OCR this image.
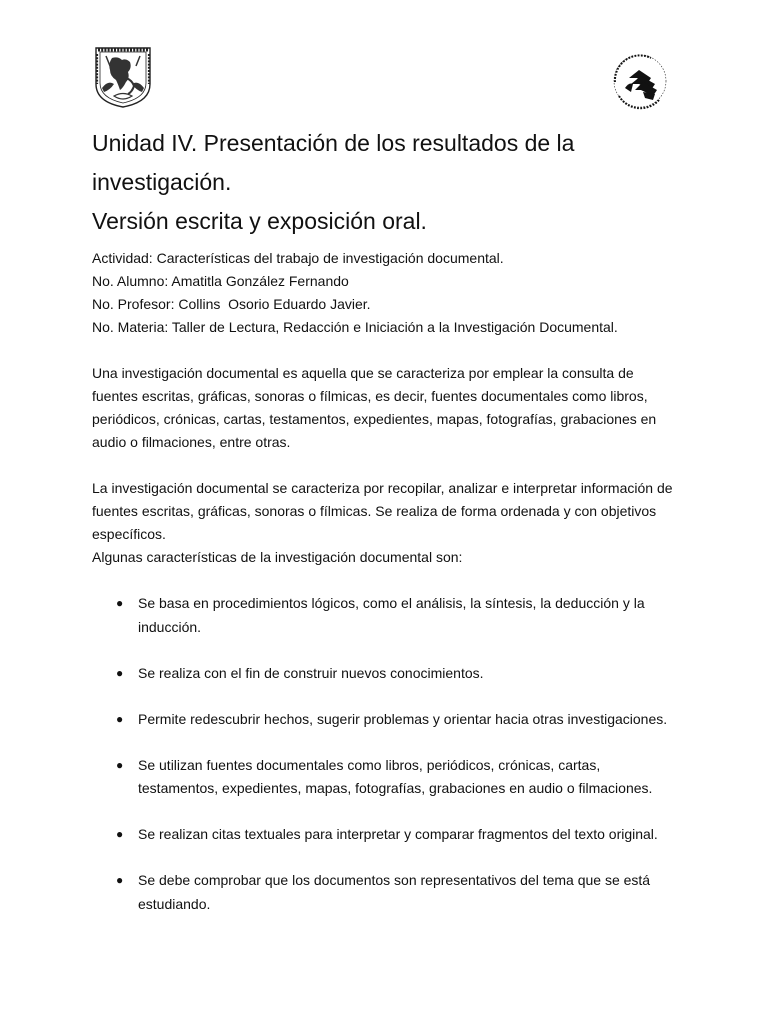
Unidad IV. Presentación de los resultados de la
investigación.
Versión escrita y exposición oral.
Actividad: Características del trabajo de investigación documental.
No. Alumno: Amatitla González Fernando
No. Profesor: Collins  Osorio Eduardo Javier.
No. Materia: Taller de Lectura, Redacción e Iniciación a la Investigación Documental.

Una investigación documental es aquella que se caracteriza por emplear la consulta de fuentes escritas, gráficas, sonoras o fílmicas, es decir, fuentes documentales como libros, periódicos, crónicas, cartas, testamentos, expedientes, mapas, fotografías, grabaciones en audio o filmaciones, entre otras.

La investigación documental se caracteriza por recopilar, analizar e interpretar información de fuentes escritas, gráficas, sonoras o fílmicas. Se realiza de forma ordenada y con objetivos específicos.

Algunas características de la investigación documental son:

● Se basa en procedimientos lógicos, como el análisis, la síntesis, la deducción y la inducción.
● Se realiza con el fin de construir nuevos conocimientos.
● Permite redescubrir hechos, sugerir problemas y orientar hacia otras investigaciones.
● Se utilizan fuentes documentales como libros, periódicos, crónicas, cartas, testamentos, expedientes, mapas, fotografías, grabaciones en audio o filmaciones.
● Se realizan citas textuales para interpretar y comparar fragmentos del texto original.
● Se debe comprobar que los documentos son representativos del tema que se está estudiando.
